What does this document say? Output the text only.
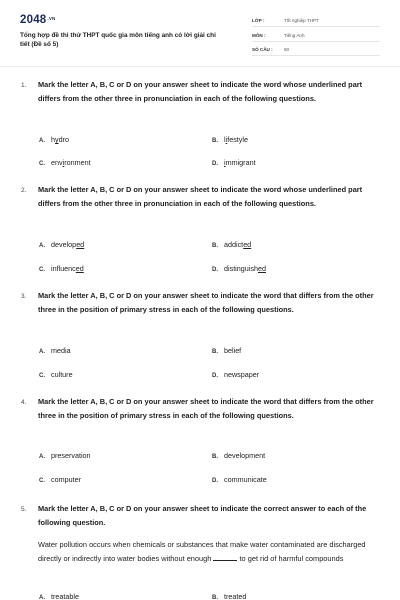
$2048^{.VN}$
Tổng hợp đề thi thử THPT quốc gia môn tiếng anh có lời giải chi tiết (Đề số 5)
LỚP :	Tốt nghiệp THPT
MÔN :	Tiếng Anh
SỐ CÂU : 50
1. Mark the letter A, B, C or D on your answer sheet to indicate the word whose underlined part differs from the other three in pronunciation in each of the following questions.
A. hydro	B. lifestyle
C. environment	D. immigrant
2. Mark the letter A, B, C or D on your answer sheet to indicate the word whose underlined part differs from the other three in pronunciation in each of the following questions.
A. developed	B. addicted
C. influenced	D. distinguished
3. Mark the letter A, B, C or D on your answer sheet to indicate the word that differs from the other three in the position of primary stress in each of the following questions.
A. media	B. belief
C. culture	D. newspaper
4. Mark the letter A, B, C or D on your answer sheet to indicate the word that differs from the other three in the position of primary stress in each of the following questions.
A. preservation	B. development
C. computer	D. communicate
5. Mark the letter A, B, C or D on your answer sheet to indicate the correct answer to each of the following question.
Water pollution occurs when chemicals or substances that make water contaminated are discharged directly or indirectly into water bodies without enough	to get rid of harmful compounds
A. treatable	B. treated
